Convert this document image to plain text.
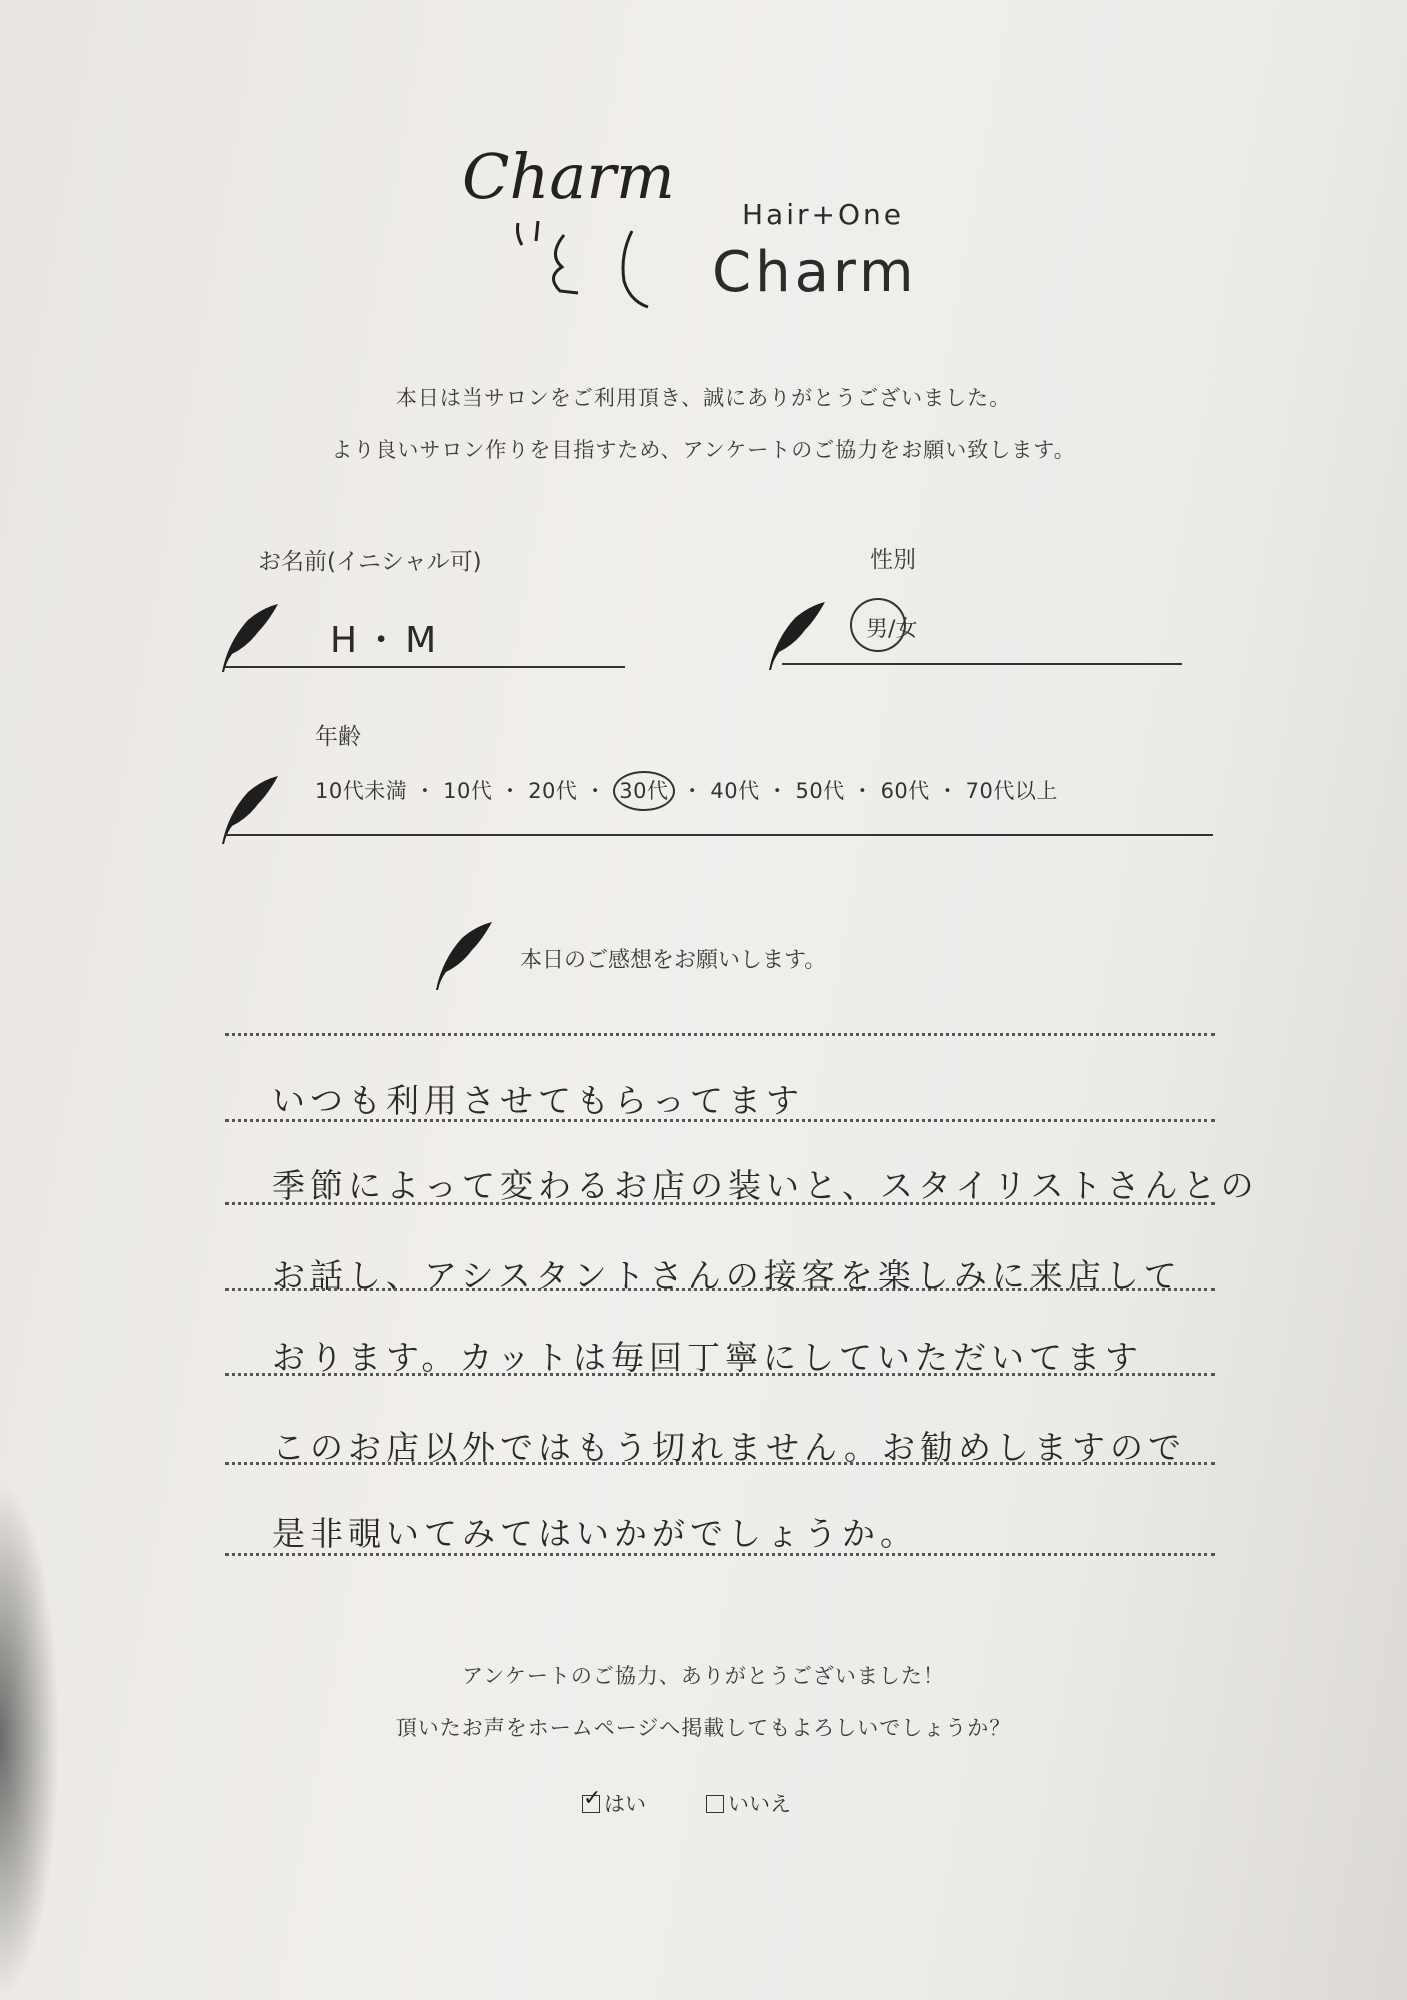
Charm
Hair+One
Charm
本日は当サロンをご利用頂き、誠にありがとうございました。
より良いサロン作りを目指すため、アンケートのご協力をお願い致します。
お名前(イニシャル可)
H・M
性別
男/女
年齢
10代未満 ・ 10代 ・ 20代 ・ 30代 ・ 40代 ・ 50代 ・ 60代 ・ 70代以上
本日のご感想をお願いします。
いつも利用させてもらってます
季節によって変わるお店の装いと、スタイリストさんとの
お話し、アシスタントさんの接客を楽しみに来店して
おります。カットは毎回丁寧にしていただいてます
このお店以外ではもう切れません。お勧めしますので
是非覗いてみてはいかがでしょうか。
アンケートのご協力、ありがとうございました！
頂いたお声をホームページへ掲載してもよろしいでしょうか？
✓ はい	いいえ
